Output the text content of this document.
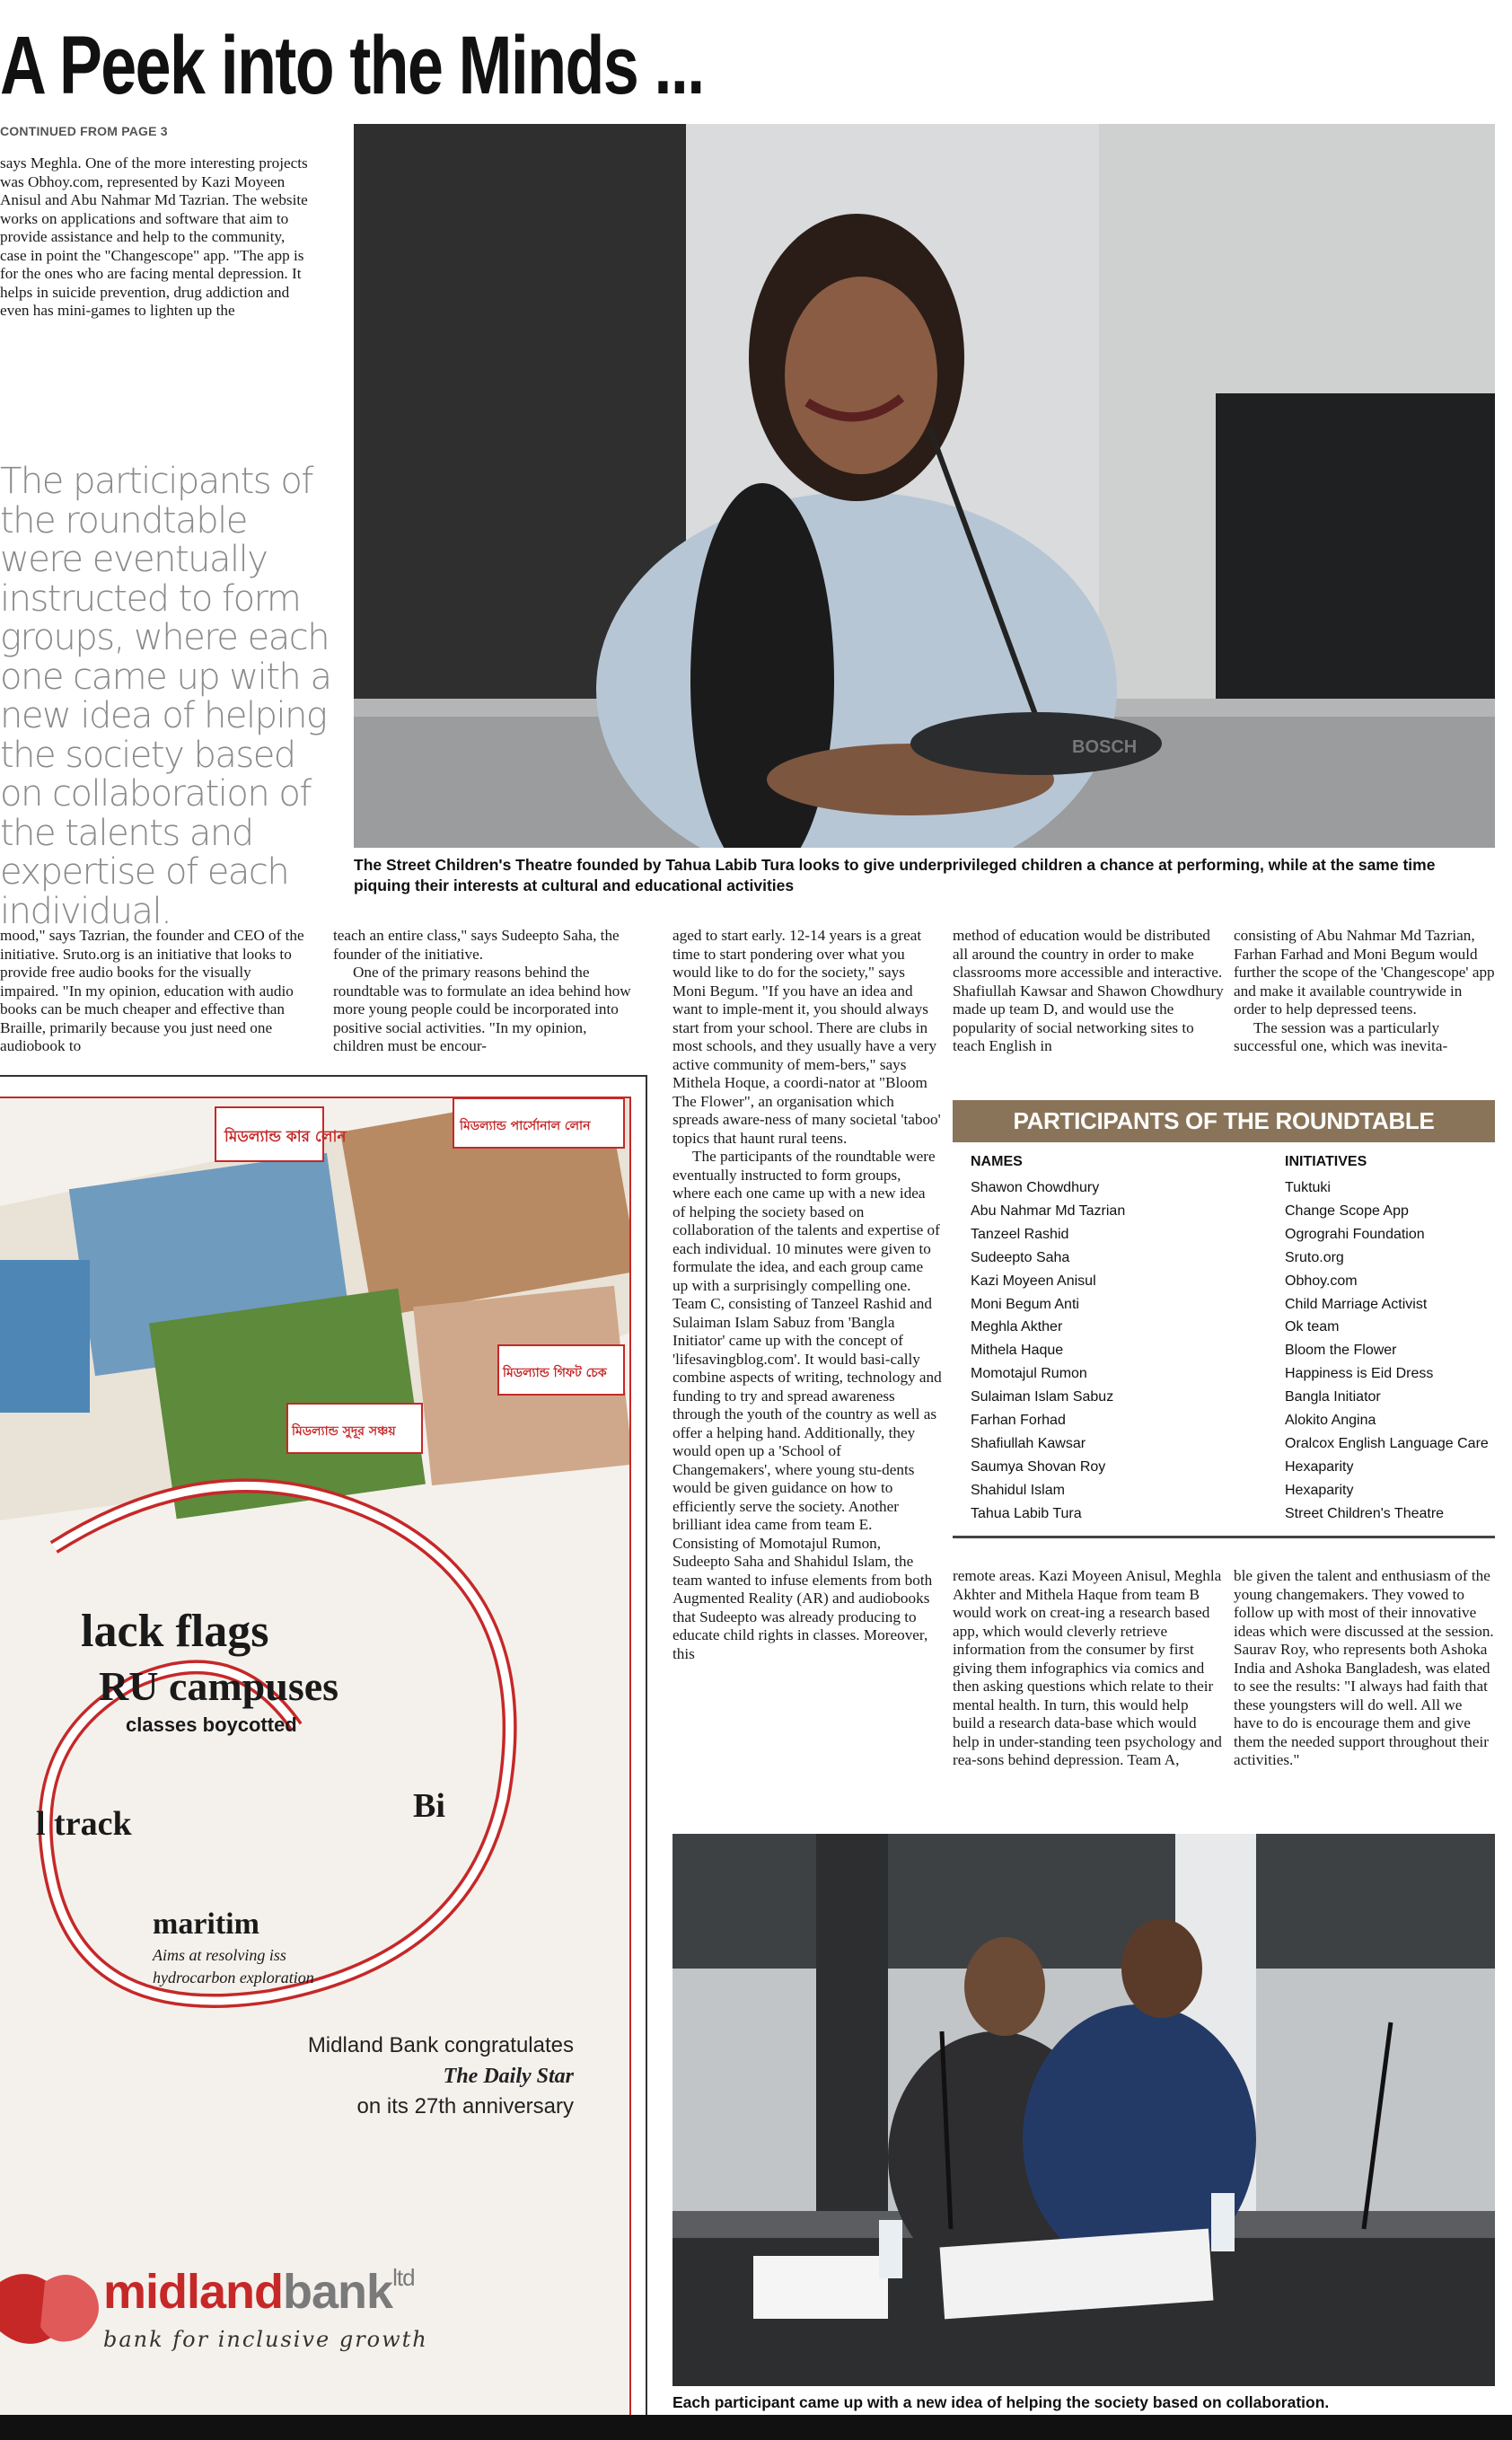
A Peek into the Minds ...
CONTINUED FROM PAGE 3
says Meghla. One of the more interesting projects was Obhoy.com, represented by Kazi Moyeen Anisul and Abu Nahmar Md Tazrian. The website works on applications and software that aim to provide assistance and help to the community, case in point the "Changescope" app. "The app is for the ones who are facing mental depression. It helps in suicide prevention, drug addiction and even has mini-games to lighten up the
The participants of the roundtable were eventually instructed to form groups, where each one came up with a new idea of helping the society based on collaboration of the talents and expertise of each individual.
BOSCH
The Street Children's Theatre founded by Tahua Labib Tura looks to give underprivileged children a chance at performing, while at the same time piquing their interests at cultural and educational activities
mood," says Tazrian, the founder and CEO of the initiative. Sruto.org is an initiative that looks to provide free audio books for the visually impaired. "In my opinion, education with audio books can be much cheaper and effective than Braille, primarily because you just need one audiobook to

teach an entire class," says Sudeepto Saha, the founder of the initiative.

One of the primary reasons behind the roundtable was to formulate an idea behind how more young people could be incorporated into positive social activities. "In my opinion, children must be encour-

aged to start early. 12-14 years is a great time to start pondering over what you would like to do for the society," says Moni Begum. "If you have an idea and want to imple-ment it, you should always start from your school. There are clubs in most schools, and they usually have a very active community of mem-bers," says Mithela Hoque, a coordi-nator at "Bloom The Flower", an organisation which spreads aware-ness of many societal 'taboo' topics that haunt rural teens.

The participants of the roundtable were eventually instructed to form groups, where each one came up with a new idea of helping the society based on collaboration of the talents and expertise of each individual. 10 minutes were given to formulate the idea, and each group came up with a surprisingly compelling one. Team C, consisting of Tanzeel Rashid and Sulaiman Islam Sabuz from 'Bangla Initiator' came up with the concept of 'lifesavingblog.com'. It would basi-cally combine aspects of writing, technology and funding to try and spread awareness through the youth of the country as well as offer a helping hand. Additionally, they would open up a 'School of Changemakers', where young stu-dents would be given guidance on how to efficiently serve the society. Another brilliant idea came from team E. Consisting of Momotajul Rumon, Sudeepto Saha and Shahidul Islam, the team wanted to infuse elements from both Augmented Reality (AR) and audiobooks that Sudeepto was already producing to educate child rights in classes. Moreover, this

method of education would be distributed all around the country in order to make classrooms more accessible and interactive. Shafiullah Kawsar and Shawon Chowdhury made up team D, and would use the popularity of social networking sites to teach English in

consisting of Abu Nahmar Md Tazrian, Farhan Farhad and Moni Begum would further the scope of the 'Changescope' app and make it available countrywide in order to help depressed teens.

The session was a particularly successful one, which was inevita-

lack flags
RU campuses
classes boycotted
maritim
Aims at resolving iss
hydrocarbon exploration
Bi
l track
মিডল্যান্ড কার লোন
মিডল্যান্ড পার্সোনাল লোন
মিডল্যান্ড গিফট চেক
মিডল্যান্ড সুদূর সঞ্চয়
Midland Bank congratulates
The Daily Star
on its 27th anniversary
midlandbank$^{ltd}$
bank for inclusive growth
PARTICIPANTS OF THE ROUNDTABLE
NAMES	INITIATIVES
Shawon Chowdhury
Abu Nahmar Md Tazrian
Tanzeel Rashid
Sudeepto Saha
Kazi Moyeen Anisul
Moni Begum Anti
Meghla Akther
Mithela Haque
Momotajul Rumon
Sulaiman Islam Sabuz
Farhan Forhad
Shafiullah Kawsar
Saumya Shovan Roy
Shahidul Islam
Tahua Labib Tura
Tuktuki
Change Scope App
Ogrograhi Foundation
Sruto.org
Obhoy.com
Child Marriage Activist
Ok team
Bloom the Flower
Happiness is Eid Dress
Bangla Initiator
Alokito Angina
Oralcox English Language Care
Hexaparity
Hexaparity
Street Children's Theatre
remote areas. Kazi Moyeen Anisul, Meghla Akhter and Mithela Haque from team B would work on creat-ing a research based app, which would cleverly retrieve information from the consumer by first giving them infographics via comics and then asking questions which relate to their mental health. In turn, this would help build a research data-base which would help in under-standing teen psychology and rea-sons behind depression. Team A,
ble given the talent and enthusiasm of the young changemakers. They vowed to follow up with most of their innovative ideas which were discussed at the session. Saurav Roy, who represents both Ashoka India and Ashoka Bangladesh, was elated to see the results: "I always had faith that these youngsters will do well. All we have to do is encourage them and give them the needed support throughout their activities."
Each participant came up with a new idea of helping the society based on collaboration.
